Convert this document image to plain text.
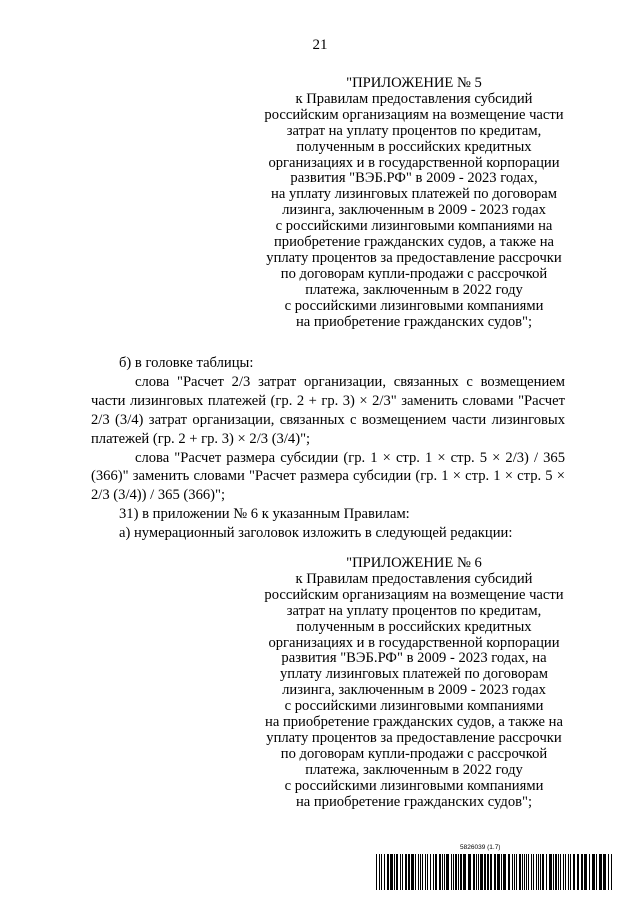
21
"ПРИЛОЖЕНИЕ № 5
к Правилам предоставления субсидий
российским организациям на возмещение части
затрат на уплату процентов по кредитам,
полученным в российских кредитных
организациях и в государственной корпорации
развития "ВЭБ.РФ" в 2009 - 2023 годах,
на уплату лизинговых платежей по договорам
лизинга, заключенным в 2009 - 2023 годах
с российскими лизинговыми компаниями на
приобретение гражданских судов, а также на
уплату процентов за предоставление рассрочки
по договорам купли-продажи с рассрочкой
платежа, заключенным в 2022 году
с российскими лизинговыми компаниями
на приобретение гражданских судов";

б) в головке таблицы:

слова "Расчет 2/3 затрат организации, связанных с возмещением части лизинговых платежей (гр. 2 + гр. 3) × 2/3" заменить словами "Расчет 2/3 (3/4) затрат организации, связанных с возмещением части лизинговых платежей (гр. 2 + гр. 3) × 2/3 (3/4)";

слова "Расчет размера субсидии (гр. 1 × стр. 1 × стр. 5 × 2/3) / 365 (366)" заменить словами "Расчет размера субсидии (гр. 1 × стр. 1 × стр. 5 × 2/3 (3/4)) / 365 (366)";

31) в приложении № 6 к указанным Правилам:

а) нумерационный заголовок изложить в следующей редакции:

"ПРИЛОЖЕНИЕ № 6
к Правилам предоставления субсидий
российским организациям на возмещение части
затрат на уплату процентов по кредитам,
полученным в российских кредитных
организациях и в государственной корпорации
развития "ВЭБ.РФ" в 2009 - 2023 годах, на
уплату лизинговых платежей по договорам
лизинга, заключенным в 2009 - 2023 годах
с российскими лизинговыми компаниями
на приобретение гражданских судов, а также на
уплату процентов за предоставление рассрочки
по договорам купли-продажи с рассрочкой
платежа, заключенным в 2022 году
с российскими лизинговыми компаниями
на приобретение гражданских судов";
5826039 (1.7)
